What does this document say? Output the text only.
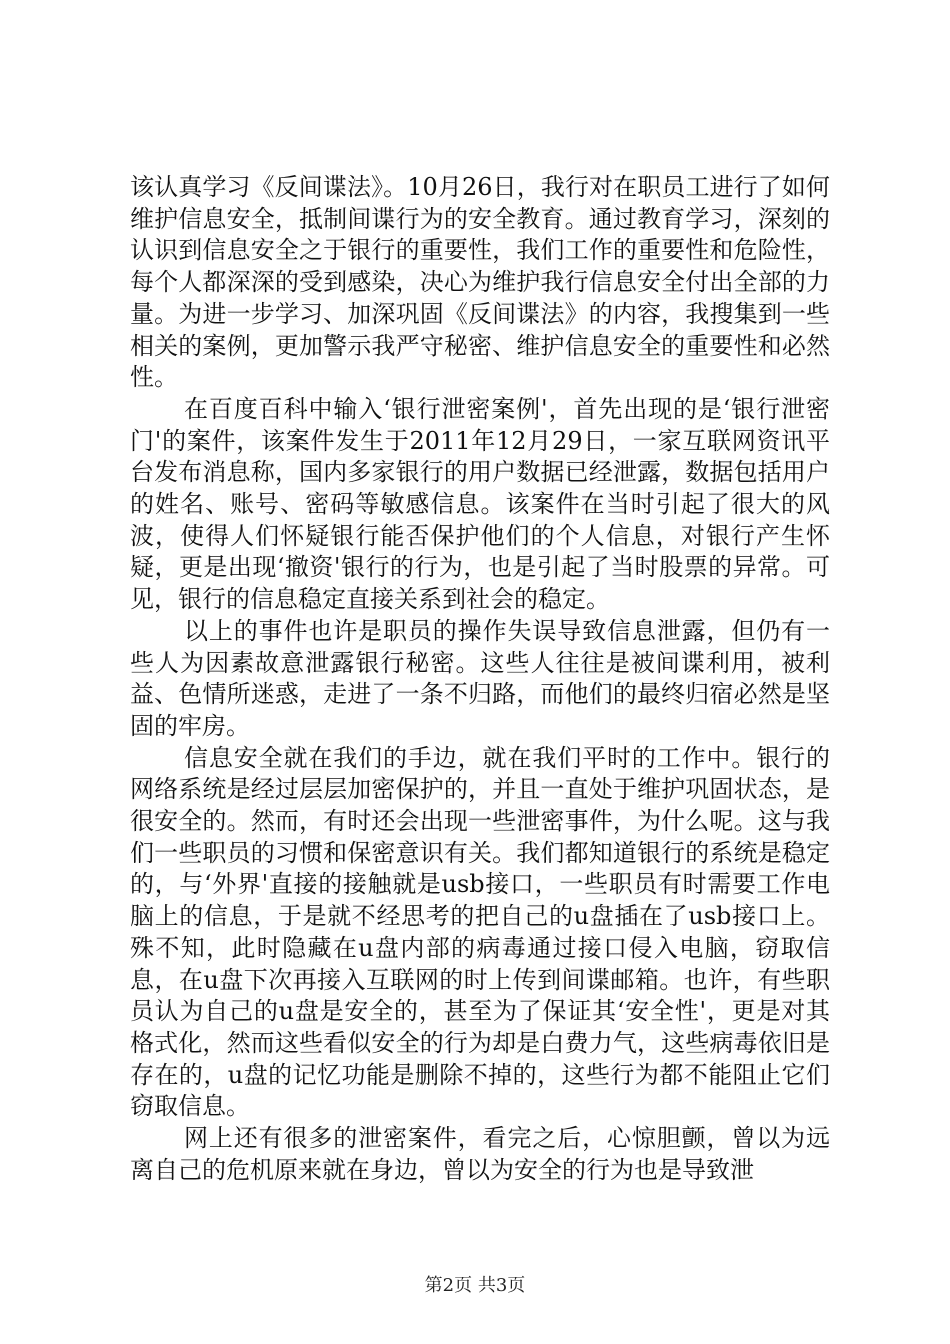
该认真学习《反间谍法》。10月26日，我行对在职员工进行了如何维护信息安全，抵制间谍行为的安全教育。通过教育学习，深刻的认识到信息安全之于银行的重要性，我们工作的重要性和危险性，每个人都深深的受到感染，决心为维护我行信息安全付出全部的力量。为进一步学习、加深巩固《反间谍法》的内容，我搜集到一些相关的案例，更加警示我严守秘密、维护信息安全的重要性和必然性。

在百度百科中输入‘银行泄密案例'，首先出现的是‘银行泄密门'的案件，该案件发生于2011年12月29日，一家互联网资讯平台发布消息称，国内多家银行的用户数据已经泄露，数据包括用户的姓名、账号、密码等敏感信息。该案件在当时引起了很大的风波，使得人们怀疑银行能否保护他们的个人信息，对银行产生怀疑，更是出现‘撤资'银行的行为，也是引起了当时股票的异常。可见，银行的信息稳定直接关系到社会的稳定。

以上的事件也许是职员的操作失误导致信息泄露，但仍有一些人为因素故意泄露银行秘密。这些人往往是被间谍利用，被利益、色情所迷惑，走进了一条不归路，而他们的最终归宿必然是坚固的牢房。

信息安全就在我们的手边，就在我们平时的工作中。银行的网络系统是经过层层加密保护的，并且一直处于维护巩固状态，是很安全的。然而，有时还会出现一些泄密事件，为什么呢。这与我们一些职员的习惯和保密意识有关。我们都知道银行的系统是稳定的，与‘外界'直接的接触就是usb接口，一些职员有时需要工作电脑上的信息，于是就不经思考的把自己的u盘插在了usb接口上。殊不知，此时隐藏在u盘内部的病毒通过接口侵入电脑，窃取信息，在u盘下次再接入互联网的时上传到间谍邮箱。也许，有些职员认为自己的u盘是安全的，甚至为了保证其‘安全性'，更是对其格式化，然而这些看似安全的行为却是白费力气，这些病毒依旧是存在的，u盘的记忆功能是删除不掉的，这些行为都不能阻止它们窃取信息。

网上还有很多的泄密案件，看完之后，心惊胆颤，曾以为远离自己的危机原来就在身边，曾以为安全的行为也是导致泄

第2页 共3页
